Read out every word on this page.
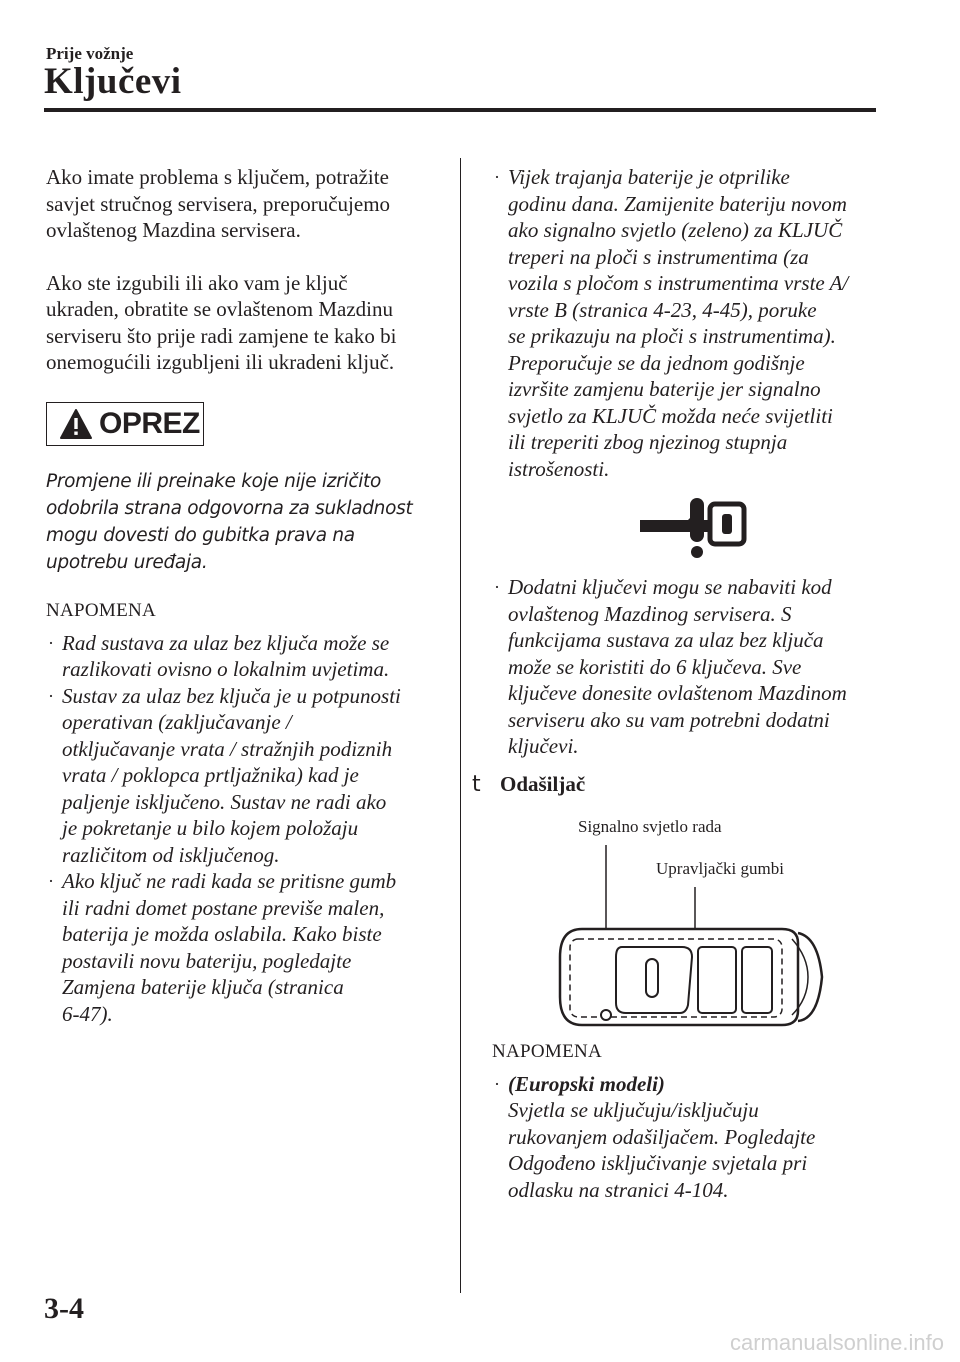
Prije vožnje
Ključevi

Ako imate problema s ključem, potražite
savjet stručnog servisera, preporučujemo
ovlaštenog Mazdina servisera.

Ako ste izgubili ili ako vam je ključ
ukraden, obratite se ovlaštenom Mazdinu
serviseru što prije radi zamjene te kako bi
onemogućili izgubljeni ili ukradeni ključ.

OPREZ

Promjene ili preinake koje nije izričito
odobrila strana odgovorna za sukladnost
mogu dovesti do gubitka prava na
upotrebu uređaja.

NAPOMENA
· Rad sustava za ulaz bez ključa može se
razlikovati ovisno o lokalnim uvjetima.
· Sustav za ulaz bez ključa je u potpunosti
operativan (zaključavanje /
otključavanje vrata / stražnjih podiznih
vrata / poklopca prtljažnika) kad je
paljenje isključeno. Sustav ne radi ako
je pokretanje u bilo kojem položaju
različitom od isključenog.
· Ako ključ ne radi kada se pritisne gumb
ili radni domet postane previše malen,
baterija je možda oslabila. Kako biste
postavili novu bateriju, pogledajte
Zamjena baterije ključa (stranica
6-47).
· Vijek trajanja baterije je otprilike
godinu dana. Zamijenite bateriju novom
ako signalno svjetlo (zeleno) za KLJUČ
treperi na ploči s instrumentima (za
vozila s pločom s instrumentima vrste A/
vrste B (stranica 4-23, 4-45), poruke
se prikazuju na ploči s instrumentima).
Preporučuje se da jednom godišnje
izvršite zamjenu baterije jer signalno
svjetlo za KLJUČ možda neće svijetliti
ili treperiti zbog njezinog stupnja
istrošenosti.
· Dodatni ključevi mogu se nabaviti kod
ovlaštenog Mazdinog servisera. S
funkcijama sustava za ulaz bez ključa
može se koristiti do 6 ključeva. Sve
ključeve donesite ovlaštenom Mazdinom
serviseru ako su vam potrebni dodatni
ključevi.
t Odašiljač
Signalno svjetlo rada
Upravljački gumbi
NAPOMENA
· (Europski modeli)
Svjetla se uključuju/isključuju
rukovanjem odašiljačem. Pogledajte
Odgođeno isključivanje svjetala pri
odlasku na stranici 4-104.
3-4
carmanualsonline.info
